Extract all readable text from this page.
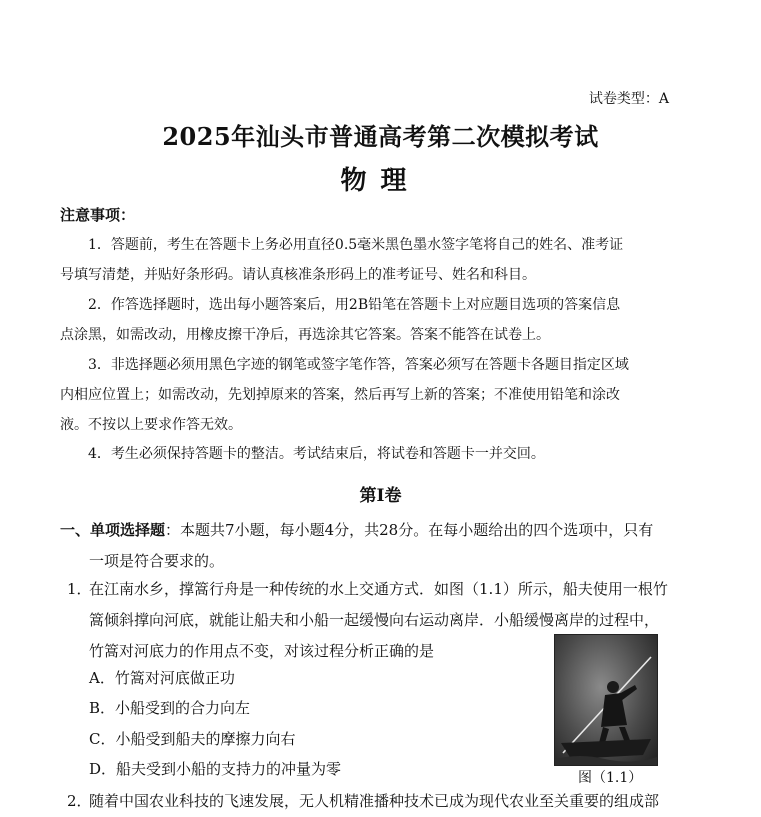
试卷类型：A
2025年汕头市普通高考第二次模拟考试
物理
注意事项：

1．答题前，考生在答题卡上务必用直径0.5毫米黑色墨水签字笔将自己的姓名、准考证

号填写清楚，并贴好条形码。请认真核准条形码上的准考证号、姓名和科目。

2．作答选择题时，选出每小题答案后，用2B铅笔在答题卡上对应题目选项的答案信息

点涂黑，如需改动，用橡皮擦干净后，再选涂其它答案。答案不能答在试卷上。

3．非选择题必须用黑色字迹的钢笔或签字笔作答，答案必须写在答题卡各题目指定区域

内相应位置上；如需改动，先划掉原来的答案，然后再写上新的答案；不准使用铅笔和涂改

液。不按以上要求作答无效。

4．考生必须保持答题卡的整洁。考试结束后，将试卷和答题卡一并交回。

第Ⅰ卷
一、单项选择题：本题共7小题，每小题4分，共28分。在每小题给出的四个选项中，只有
一项是符合要求的。
1．
在江南水乡，撑篙行舟是一种传统的水上交通方式．如图（1.1）所示，船夫使用一根竹
篙倾斜撑向河底，就能让船夫和小船一起缓慢向右运动离岸．小船缓慢离岸的过程中，
竹篙对河底力的作用点不变，对该过程分析正确的是
A．竹篙对河底做正功
B．小船受到的合力向左
C．小船受到船夫的摩擦力向右
D．船夫受到小船的支持力的冲量为零	图（1.1）
2．
随着中国农业科技的飞速发展，无人机精准播种技术已成为现代农业至关重要的组成部
